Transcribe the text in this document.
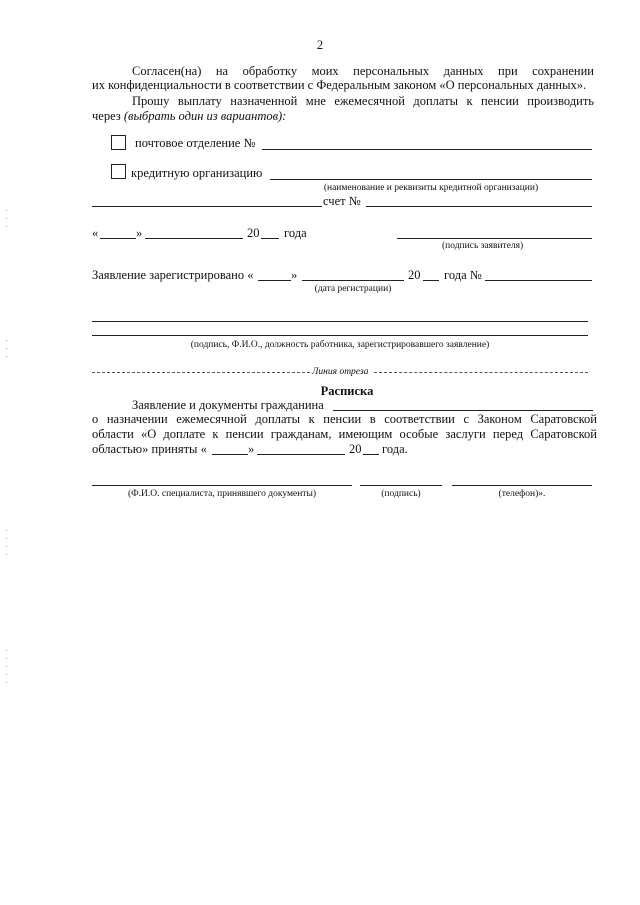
2
Согласен(на) на обработку моих персональных данных при сохранении
их конфиденциальности в соответствии с Федеральным законом «О персональных данных».
Прошу выплату назначенной мне ежемесячной доплаты к пенсии производить
через (выбрать один из вариантов):
почтовое отделение №
кредитную организацию
(наименование и реквизиты кредитной организации)
счет №
«	»	20 года
(подпись заявителя)
Заявление зарегистрировано «	»	20 года №
(дата регистрации)
(подпись, Ф.И.О., должность работника, зарегистрировавшего заявление)
Линия отреза
Расписка
Заявление и документы гражданина
о назначении ежемесячной доплаты к пенсии в соответствии с Законом Саратовской
области «О доплате к пенсии гражданам, имеющим особые заслуги перед Саратовской
областью» приняты «	»	20 года.
(Ф.И.О. специалиста, принявшего документы)	(подпись)	(телефон)».
